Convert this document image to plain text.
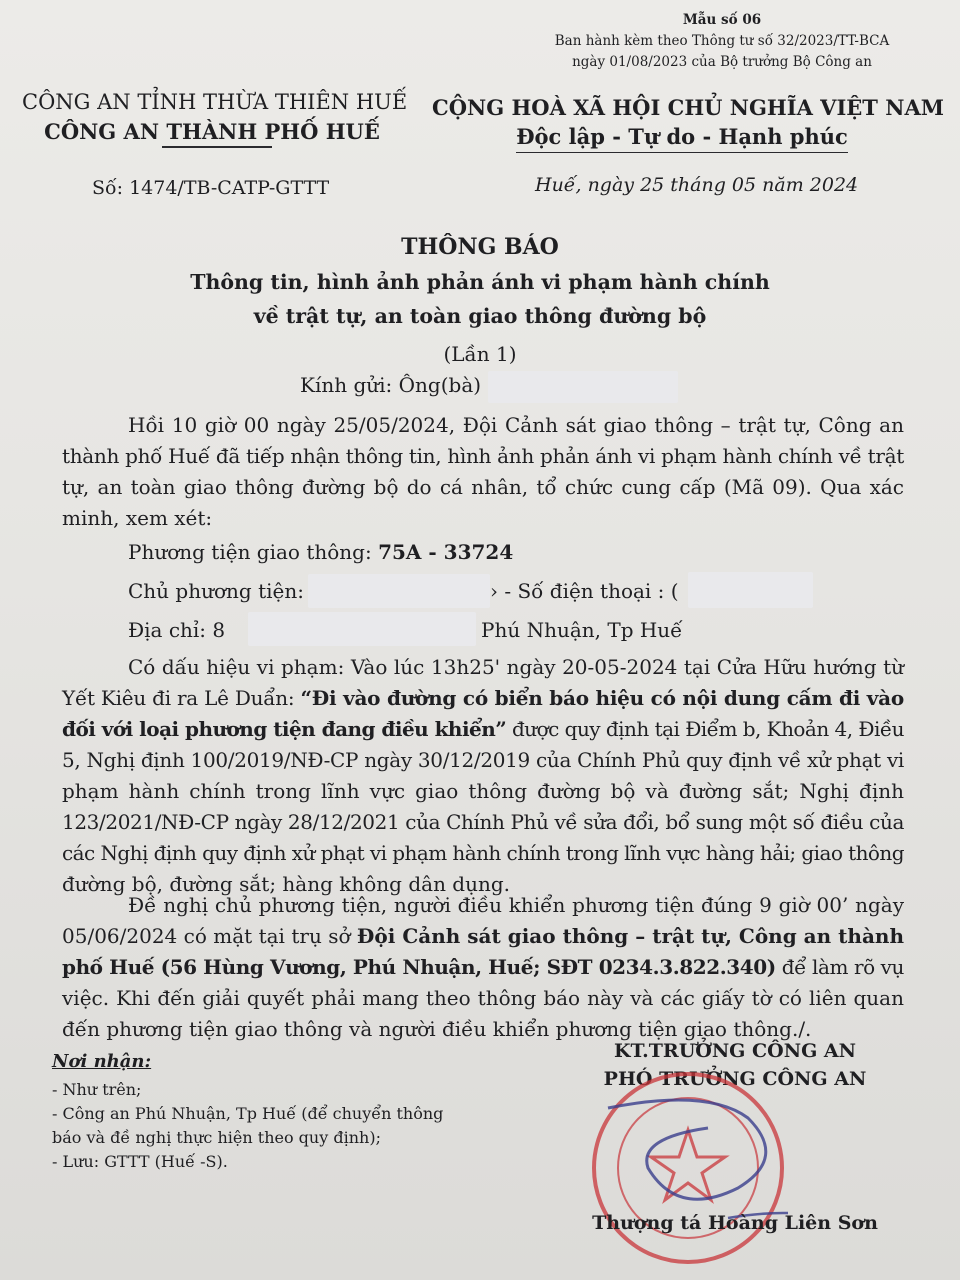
Mẫu số 06
Ban hành kèm theo Thông tư số 32/2023/TT-BCA
ngày 01/08/2023 của Bộ trưởng Bộ Công an
CÔNG AN TỈNH THỪA THIÊN HUẾ
CÔNG AN THÀNH PHỐ HUẾ
CỘNG HOÀ XÃ HỘI CHỦ NGHĨA VIỆT NAM
Độc lập - Tự do - Hạnh phúc
Số: 1474/TB-CATP-GTTT	Huế, ngày 25 tháng 05 năm 2024
THÔNG BÁO
Thông tin, hình ảnh phản ánh vi phạm hành chính
về trật tự, an toàn giao thông đường bộ
(Lần 1)
Kính gửi: Ông(bà)
Hồi 10 giờ 00 ngày 25/05/2024, Đội Cảnh sát giao thông – trật tự, Công an
thành phố Huế đã tiếp nhận thông tin, hình ảnh phản ánh vi phạm hành chính về trật
tự, an toàn giao thông đường bộ do cá nhân, tổ chức cung cấp (Mã 09). Qua xác
minh, xem xét:
Phương tiện giao thông: 75A - 33724
Chủ phương tiện:	› - Số điện thoại : (
Địa chỉ: 8	Phú Nhuận, Tp Huế
Có dấu hiệu vi phạm: Vào lúc 13h25' ngày 20-05-2024 tại Cửa Hữu hướng từ
Yết Kiêu đi ra Lê Duẩn: “Đi vào đường có biển báo hiệu có nội dung cấm đi vào
đối với loại phương tiện đang điều khiển” được quy định tại Điểm b, Khoản 4, Điều
5, Nghị định 100/2019/NĐ-CP ngày 30/12/2019 của Chính Phủ quy định về xử phạt vi
phạm hành chính trong lĩnh vực giao thông đường bộ và đường sắt; Nghị định
123/2021/NĐ-CP ngày 28/12/2021 của Chính Phủ về sửa đổi, bổ sung một số điều của
các Nghị định quy định xử phạt vi phạm hành chính trong lĩnh vực hàng hải; giao thông
đường bộ, đường sắt; hàng không dân dụng.
Đề nghị chủ phương tiện, người điều khiển phương tiện đúng 9 giờ 00’ ngày
05/06/2024 có mặt tại trụ sở Đội Cảnh sát giao thông – trật tự, Công an thành
phố Huế (56 Hùng Vương, Phú Nhuận, Huế; SĐT 0234.3.822.340) để làm rõ vụ
việc. Khi đến giải quyết phải mang theo thông báo này và các giấy tờ có liên quan
đến phương tiện giao thông và người điều khiển phương tiện giao thông./.
Nơi nhận:
- Như trên;
- Công an Phú Nhuận, Tp Huế (để chuyển thông
báo và đề nghị thực hiện theo quy định);
- Lưu: GTTT (Huế -S).
KT.TRƯỞNG CÔNG AN
PHÓ TRƯỞNG CÔNG AN
Thượng tá Hoàng Liên Sơn
